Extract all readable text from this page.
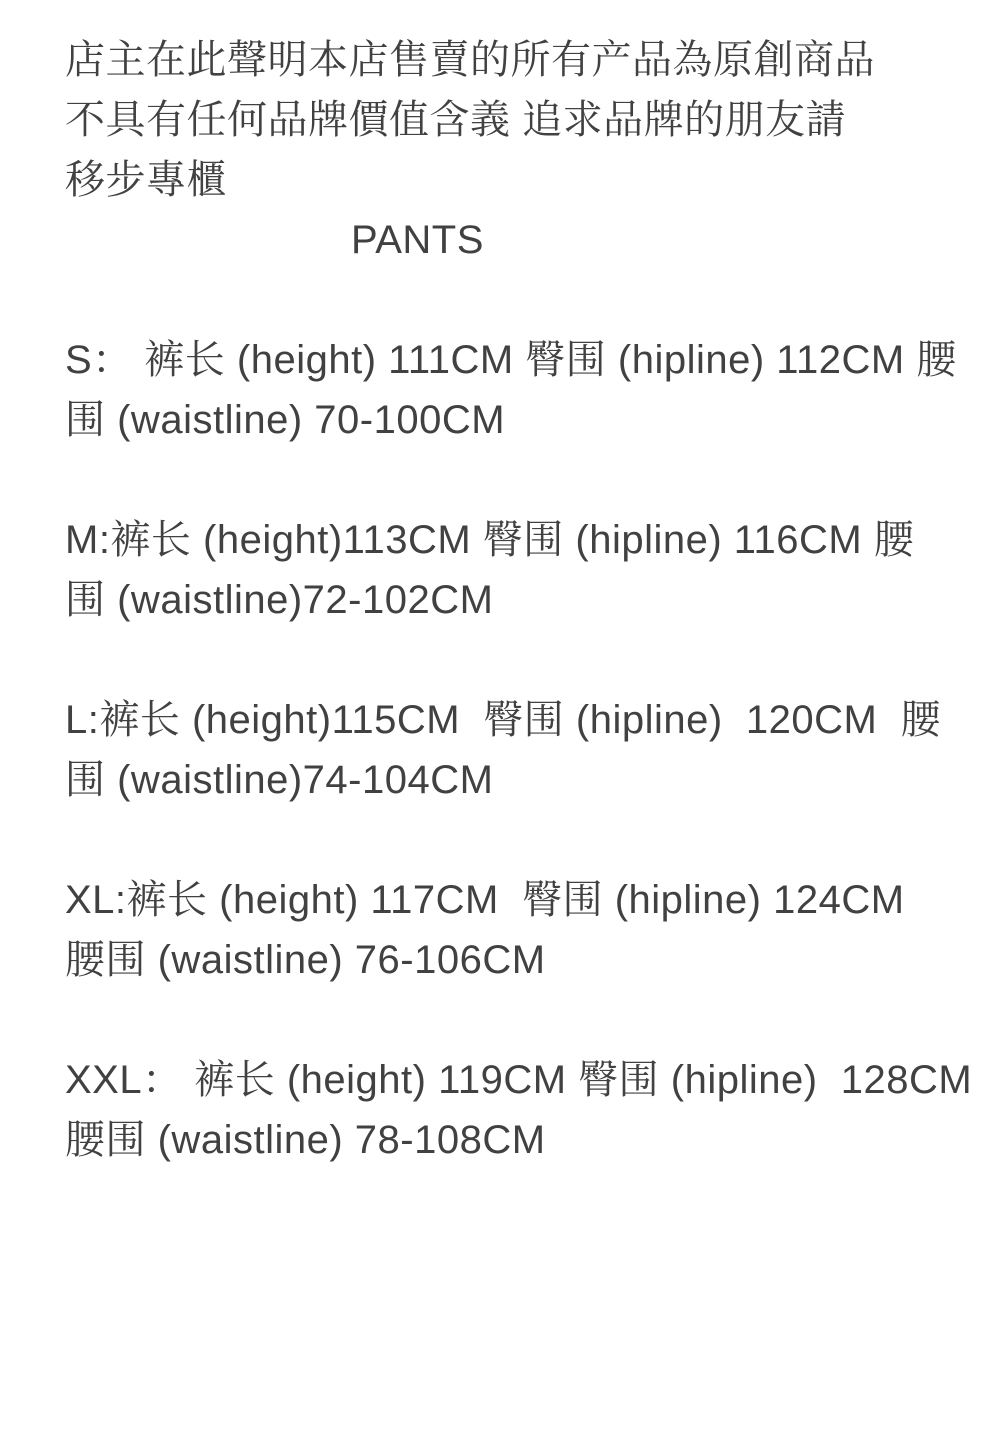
店主在此聲明本店售賣的所有产品為原創商品
不具有任何品牌價值含義 追求品牌的朋友請
移步專櫃
PANTS
S： 裤长 (height) 111CM 臀围 (hipline) 112CM 腰
围 (waistline) 70-100CM
M:裤长 (height)113CM 臀围 (hipline) 116CM 腰
围 (waistline)72-102CM
L:裤长 (height)115CM  臀围 (hipline)  120CM  腰
围 (waistline)74-104CM
XL:裤长 (height) 117CM  臀围 (hipline) 124CM
腰围 (waistline) 76-106CM
XXL： 裤长 (height) 119CM 臀围 (hipline)  128CM
腰围 (waistline) 78-108CM
